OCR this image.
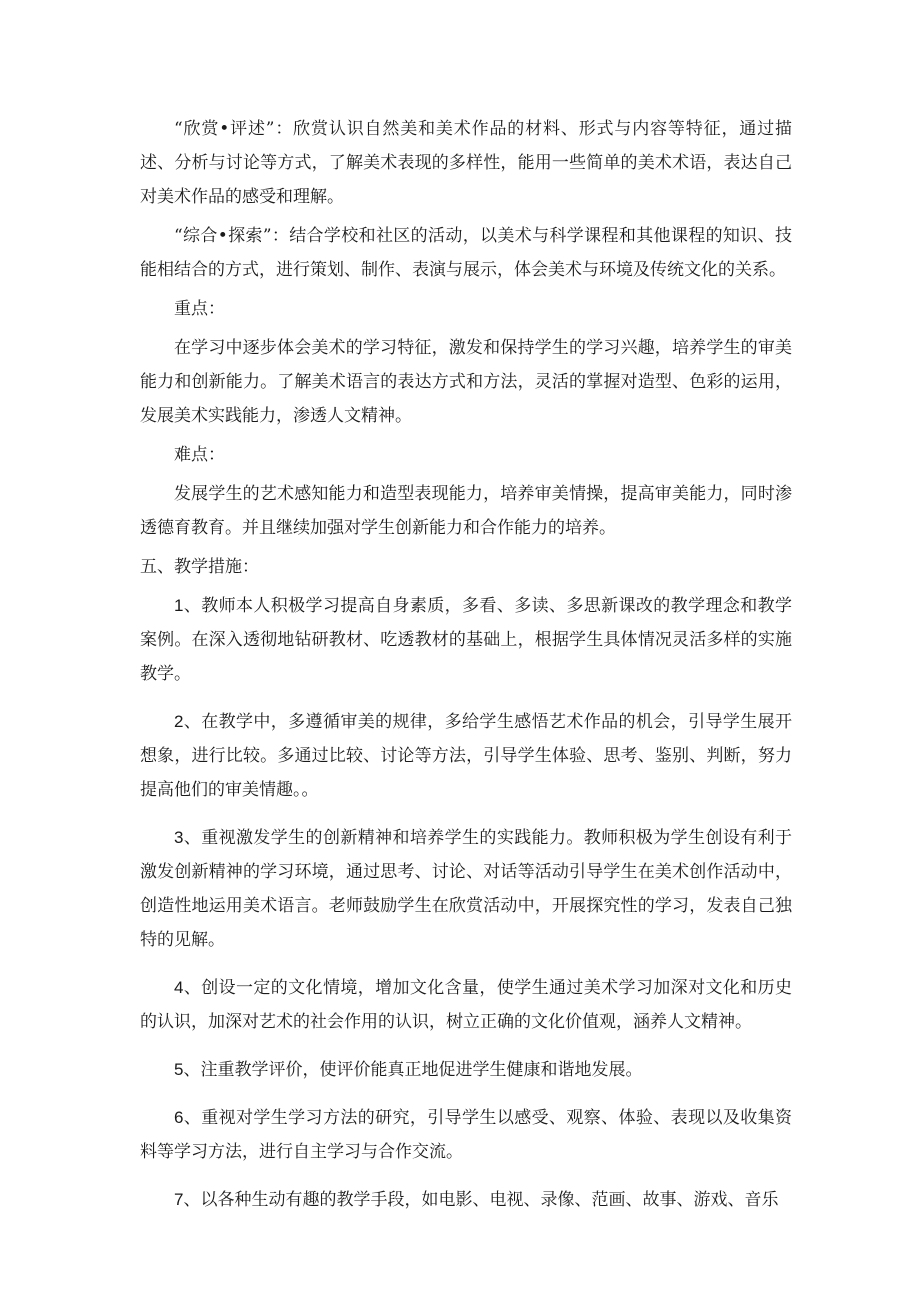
“欣赏•评述”：欣赏认识自然美和美术作品的材料、形式与内容等特征，通过描述、分析与讨论等方式，了解美术表现的多样性，能用一些简单的美术术语，表达自己对美术作品的感受和理解。

“综合•探索”：结合学校和社区的活动，以美术与科学课程和其他课程的知识、技能相结合的方式，进行策划、制作、表演与展示，体会美术与环境及传统文化的关系。

重点：

在学习中逐步体会美术的学习特征，激发和保持学生的学习兴趣，培养学生的审美能力和创新能力。了解美术语言的表达方式和方法，灵活的掌握对造型、色彩的运用，发展美术实践能力，渗透人文精神。

难点：

发展学生的艺术感知能力和造型表现能力，培养审美情操，提高审美能力，同时渗透德育教育。并且继续加强对学生创新能力和合作能力的培养。

五、教学措施：

1、教师本人积极学习提高自身素质，多看、多读、多思新课改的教学理念和教学案例。在深入透彻地钻研教材、吃透教材的基础上，根据学生具体情况灵活多样的实施教学。

2、在教学中，多遵循审美的规律，多给学生感悟艺术作品的机会，引导学生展开想象，进行比较。多通过比较、讨论等方法，引导学生体验、思考、鉴别、判断，努力提高他们的审美情趣。。

3、重视激发学生的创新精神和培养学生的实践能力。教师积极为学生创设有利于激发创新精神的学习环境，通过思考、讨论、对话等活动引导学生在美术创作活动中，创造性地运用美术语言。老师鼓励学生在欣赏活动中，开展探究性的学习，发表自己独特的见解。

4、创设一定的文化情境，增加文化含量，使学生通过美术学习加深对文化和历史的认识，加深对艺术的社会作用的认识，树立正确的文化价值观，涵养人文精神。

5、注重教学评价，使评价能真正地促进学生健康和谐地发展。

6、重视对学生学习方法的研究，引导学生以感受、观察、体验、表现以及收集资料等学习方法，进行自主学习与合作交流。

7、以各种生动有趣的教学手段，如电影、电视、录像、范画、故事、游戏、音乐
